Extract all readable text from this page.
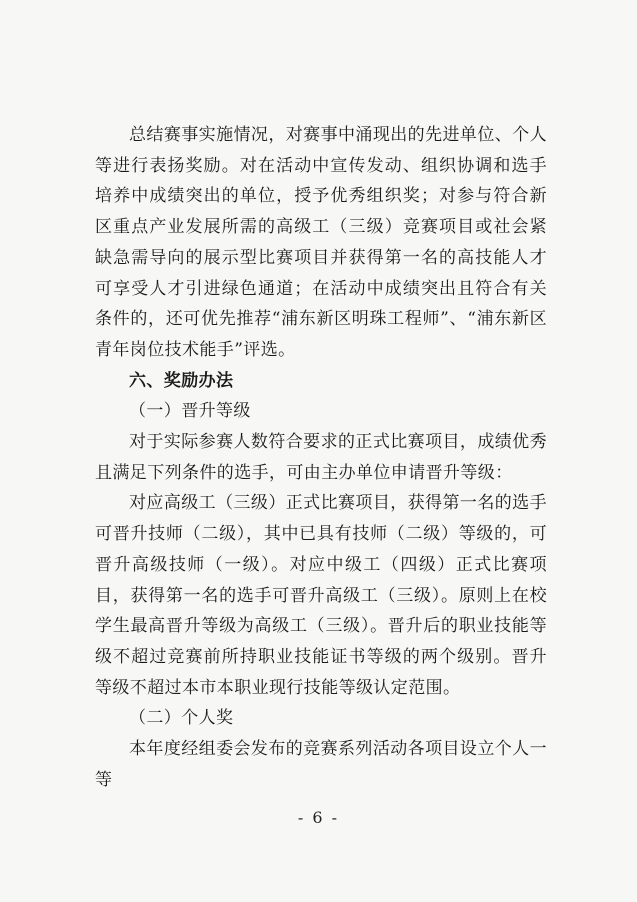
总结赛事实施情况，对赛事中涌现出的先进单位、个人等进行表扬奖励。对在活动中宣传发动、组织协调和选手培养中成绩突出的单位，授予优秀组织奖；对参与符合新区重点产业发展所需的高级工（三级）竞赛项目或社会紧缺急需导向的展示型比赛项目并获得第一名的高技能人才可享受人才引进绿色通道；在活动中成绩突出且符合有关条件的，还可优先推荐“浦东新区明珠工程师”、“浦东新区青年岗位技术能手”评选。

六、奖励办法

（一）晋升等级

对于实际参赛人数符合要求的正式比赛项目，成绩优秀且满足下列条件的选手，可由主办单位申请晋升等级：

对应高级工（三级）正式比赛项目，获得第一名的选手可晋升技师（二级），其中已具有技师（二级）等级的，可晋升高级技师（一级）。对应中级工（四级）正式比赛项目，获得第一名的选手可晋升高级工（三级）。原则上在校学生最高晋升等级为高级工（三级）。晋升后的职业技能等级不超过竞赛前所持职业技能证书等级的两个级别。晋升等级不超过本市本职业现行技能等级认定范围。

（二）个人奖

本年度经组委会发布的竞赛系列活动各项目设立个人一等

- 6 -
